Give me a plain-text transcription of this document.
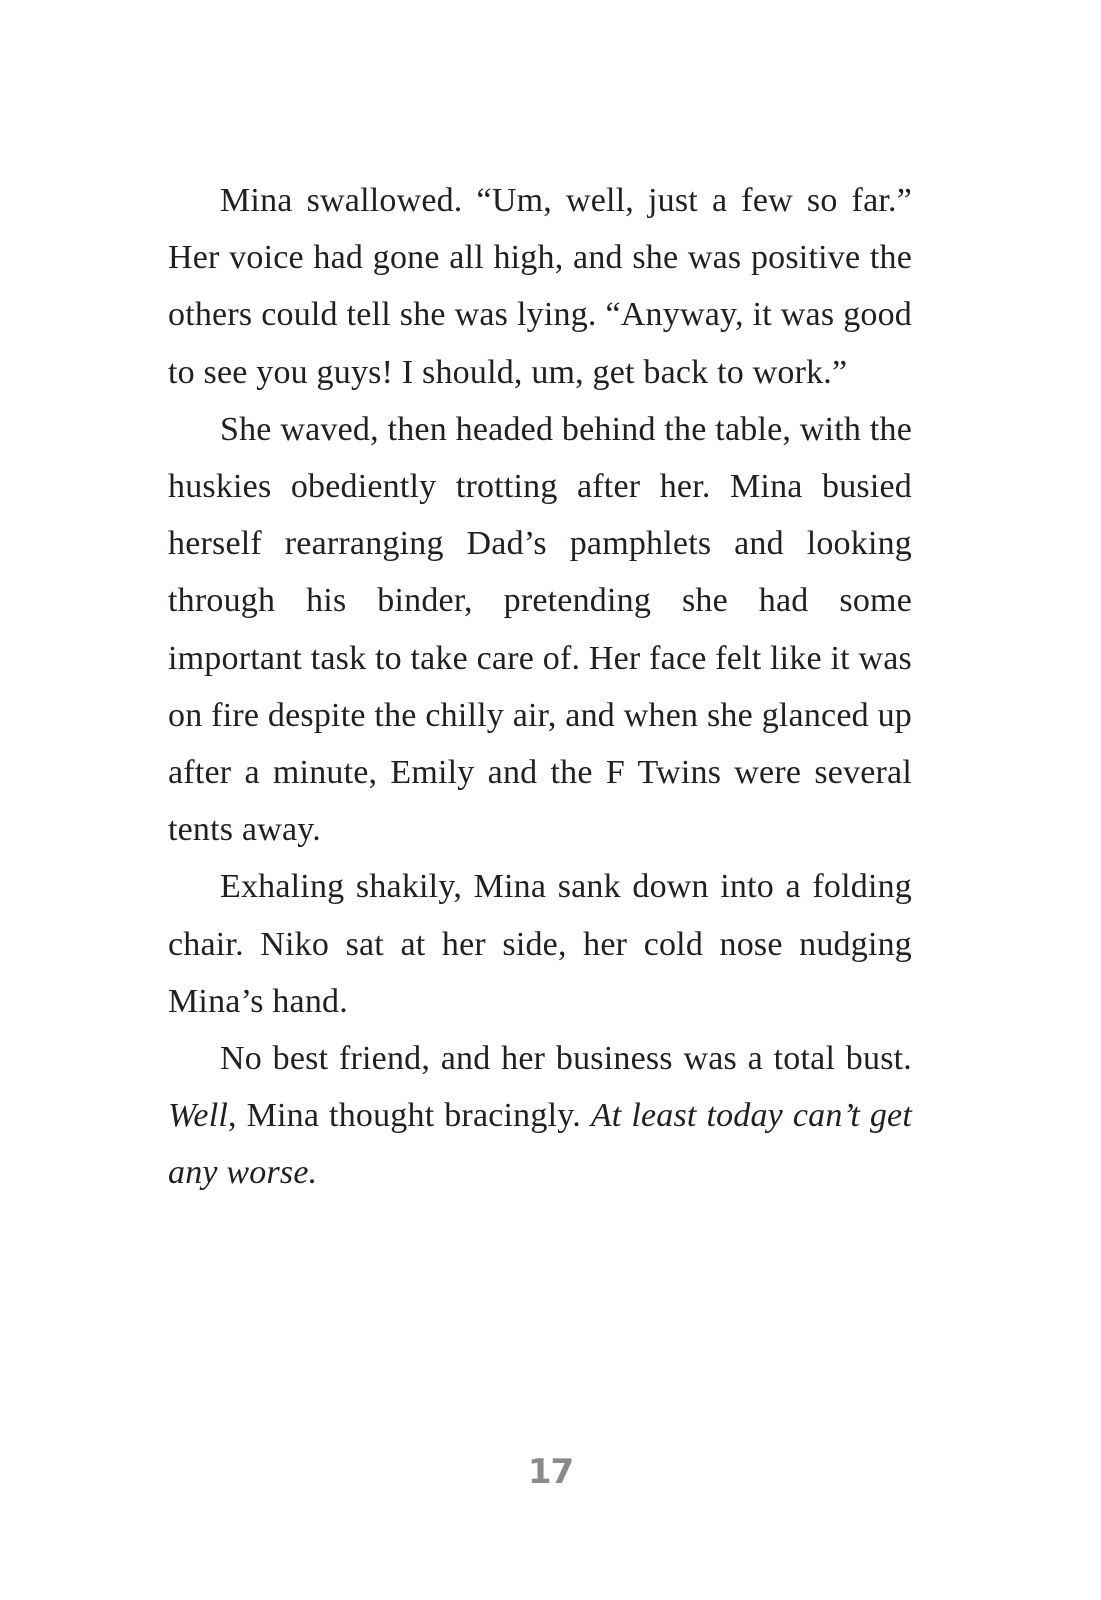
Mina swallowed. “Um, well, just a few so far.” Her voice had gone all high, and she was positive the others could tell she was lying. “Anyway, it was good to see you guys! I should, um, get back to work.”

She waved, then headed behind the table, with the huskies obediently trotting after her. Mina busied herself rearranging Dad’s pamphlets and looking through his binder, pretending she had some important task to take care of. Her face felt like it was on fire despite the chilly air, and when she glanced up after a minute, Emily and the F Twins were several tents away.

Exhaling shakily, Mina sank down into a folding chair. Niko sat at her side, her cold nose nudging Mina’s hand.

No best friend, and her business was a total bust. Well, Mina thought bracingly. At least today can’t get any worse.

17
